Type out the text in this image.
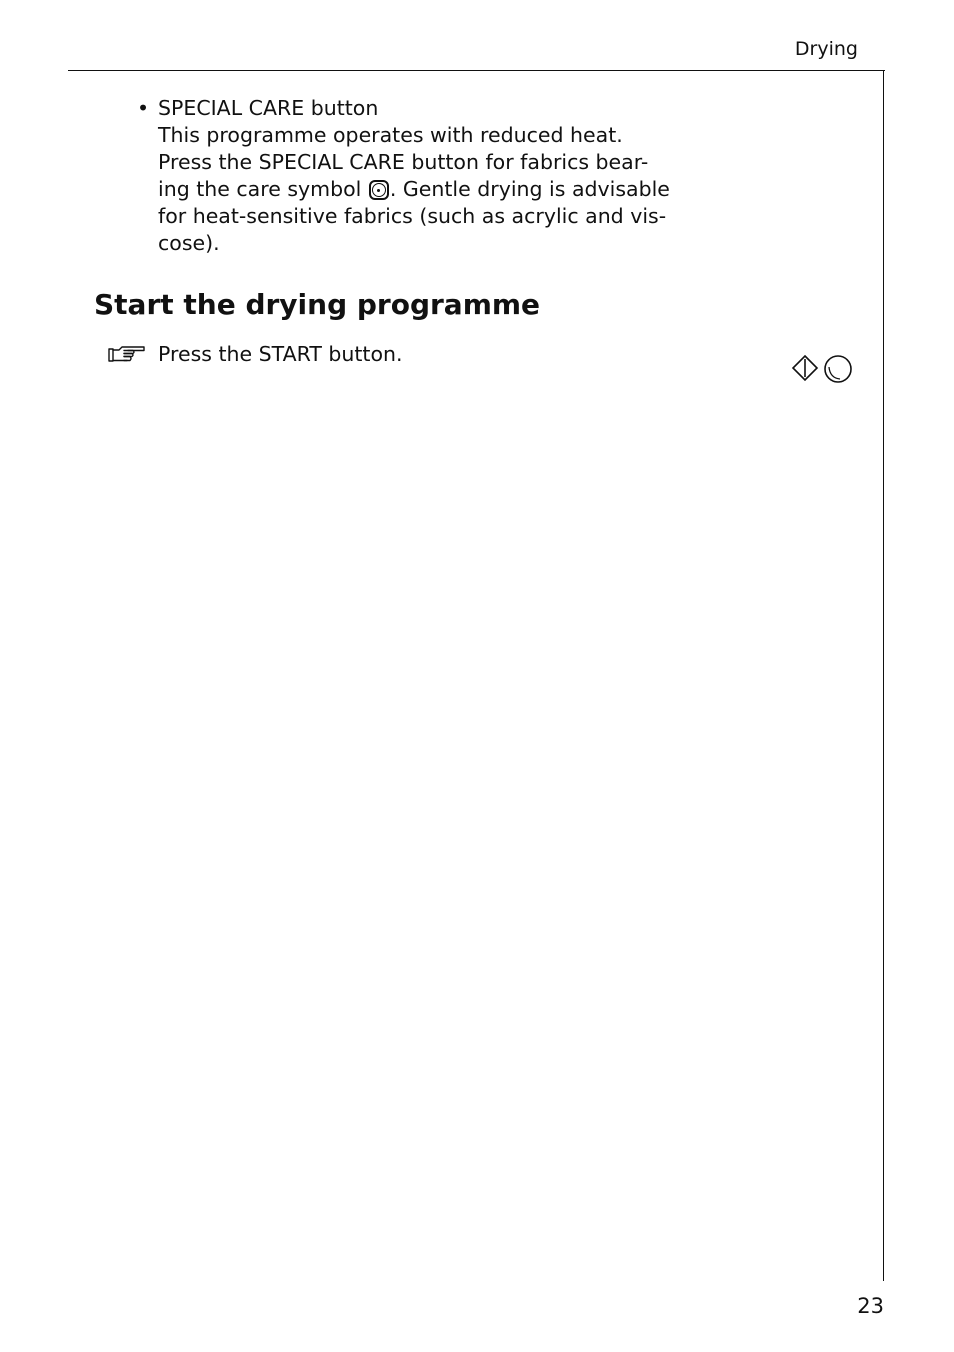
Drying
• SPECIAL CARE button
This programme operates with reduced heat.
Press the SPECIAL CARE button for fabrics bear-
ing the care symbol . Gentle drying is advisable
for heat-sensitive fabrics (such as acrylic and vis-
cose).
Start the drying programme
Press the START button.
23
